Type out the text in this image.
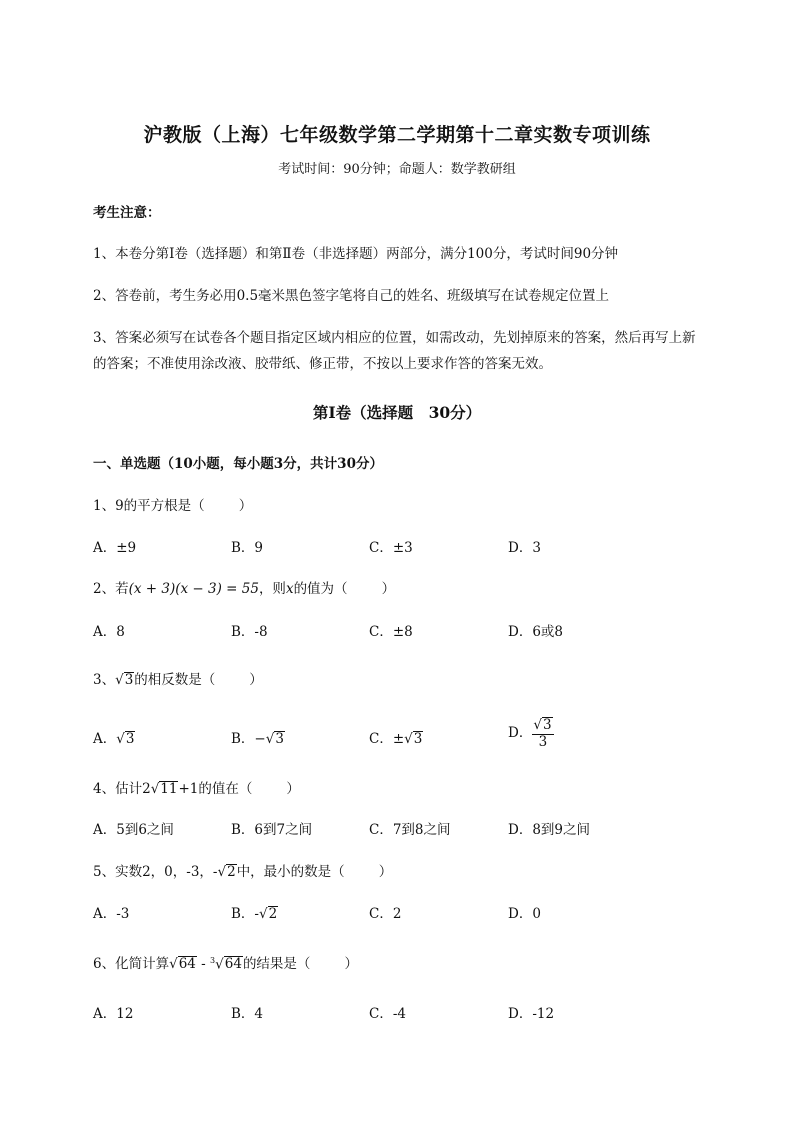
沪教版（上海）七年级数学第二学期第十二章实数专项训练
考试时间：90分钟；命题人：数学教研组
考生注意：
1、本卷分第I卷（选择题）和第Ⅱ卷（非选择题）两部分，满分100分，考试时间90分钟
2、答卷前，考生务必用0.5毫米黑色签字笔将自己的姓名、班级填写在试卷规定位置上
3、答案必须写在试卷各个题目指定区域内相应的位置，如需改动，先划掉原来的答案，然后再写上新
的答案；不准使用涂改液、胶带纸、修正带，不按以上要求作答的答案无效。
第I卷（选择题　30分）
一、单选题（10小题，每小题3分，共计30分）
1、9的平方根是（	）
A．±9	B．9	C．±3	D．3
2、若(x + 3)(x − 3) = 55，则x的值为（	）
A．8	B．-8	C．±8	D．6或8
3、√3的相反数是（	）
A．√3	B．−√3	C．±√3	D． $\frac{√3}{3}$
4、估计2√11+1的值在（	）
A．5到6之间	B．6到7之间	C．7到8之间	D．8到9之间
5、实数2，0，-3，-√2中，最小的数是（	）
A．-3	B．-√2	C．2	D．0
6、化简计算√64 - $^3$√64的结果是（	）
A．12	B．4	C．-4	D．-12
